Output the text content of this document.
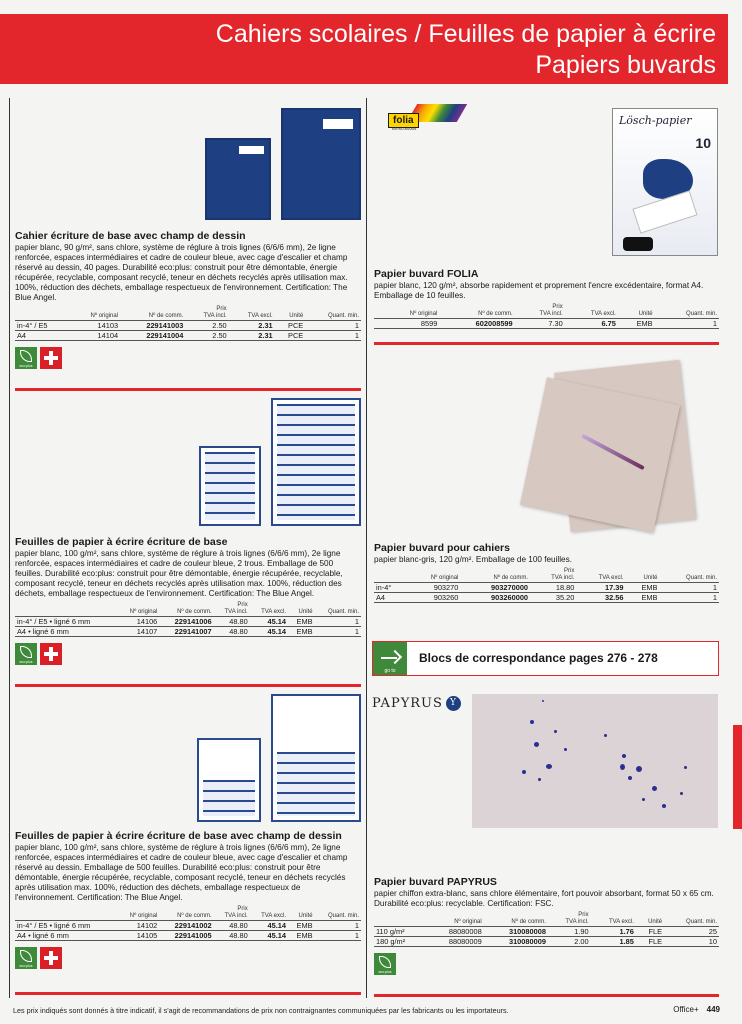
Cahiers scolaires / Feuilles de papier à écrire
Papiers buvards
Cahier écriture de base avec champ de dessin
papier blanc, 90 g/m², sans chlore, système de réglure à trois lignes (6/6/6 mm), 2e ligne renforcée, espaces intermédiaires et cadre de couleur bleue, avec cage d'escalier et champ réservé au dessin, 40 pages. Durabilité eco:plus: construit pour être démontable, énergie récupérée, recyclable, composant recyclé, teneur en déchets recyclés après utilisation max. 100%, réduction des déchets, emballage respectueux de l'environnement. Certification: The Blue Angel.
	Nº original	Nº de comm.	Prix
TVA incl.	TVA excl.	Unité	Quant. min.
in-4° / E5	14103	229141003	2.50	2.31	PCE	1
A4	14104	229141004	2.50	2.31	PCE	1
eco:plus
Feuilles de papier à écrire écriture de base
papier blanc, 100 g/m², sans chlore, système de réglure à trois lignes (6/6/6 mm), 2e ligne renforcée, espaces intermédiaires et cadre de couleur bleue, 2 trous. Emballage de 500 feuilles. Durabilité eco:plus: construit pour être démontable, énergie récupérée, recyclable, composant recyclé, teneur en déchets recyclés après utilisation max. 100%, réduction des déchets, emballage respectueux de l'environnement. Certification: The Blue Angel.
	Nº original	Nº de comm.	Prix
TVA incl.	TVA excl.	Unité	Quant. min.
in-4° / E5 • ligné 6 mm	14106	229141006	48.80	45.14	EMB	1
A4 • ligné 6 mm	14107	229141007	48.80	45.14	EMB	1
eco:plus
Feuilles de papier à écrire écriture de base avec champ de dessin
papier blanc, 100 g/m², sans chlore, système de réglure à trois lignes (6/6/6 mm), 2e ligne renforcée, espaces intermédiaires et cadre de couleur bleue, avec cage d'escalier et champ réservé au dessin. Emballage de 500 feuilles. Durabilité eco:plus: construit pour être démontable, énergie récupérée, recyclable, composant recyclé, teneur en déchets recyclés après utilisation max. 100%, réduction des déchets, emballage respectueux de l'environnement. Certification: The Blue Angel.
	Nº original	Nº de comm.	Prix
TVA incl.	TVA excl.	Unité	Quant. min.
in-4° / E5 • ligné 6 mm	14102	229141002	48.80	45.14	EMB	1
A4 • ligné 6 mm	14105	229141005	48.80	45.14	EMB	1
eco:plus
folia
BRINGMANN
Lösch-papier
10
Papier buvard FOLIA
papier blanc, 120 g/m², absorbe rapidement et proprement l'encre excédentaire, format A4. Emballage de 10 feuilles.
	Nº original	Nº de comm.	Prix
TVA incl.	TVA excl.	Unité	Quant. min.
	8599	602008599	7.30	6.75	EMB	1
Papier buvard pour cahiers
papier blanc-gris, 120 g/m². Emballage de 100 feuilles.
	Nº original	Nº de comm.	Prix
TVA incl.	TVA excl.	Unité	Quant. min.
in-4°	903270	903270000	18.80	17.39	EMB	1
A4	903260	903260000	35.20	32.56	EMB	1
go to
Blocs de correspondance pages 276 - 278
PAPYRUS Y
Papier buvard PAPYRUS
papier chiffon extra-blanc, sans chlore élémentaire, fort pouvoir absorbant, format 50 x 65 cm. Durabilité eco:plus: recyclable. Certification: FSC.
	Nº original	Nº de comm.	Prix
TVA incl.	TVA excl.	Unité	Quant. min.
110 g/m²	88080008	310080008	1.90	1.76	FLE	25
180 g/m²	88080009	310080009	2.00	1.85	FLE	10
eco:plus
Les prix indiqués sont donnés à titre indicatif, il s'agit de recommandations de prix non contraignantes communiquées par les fabricants ou les importateurs.	Office+ 449
